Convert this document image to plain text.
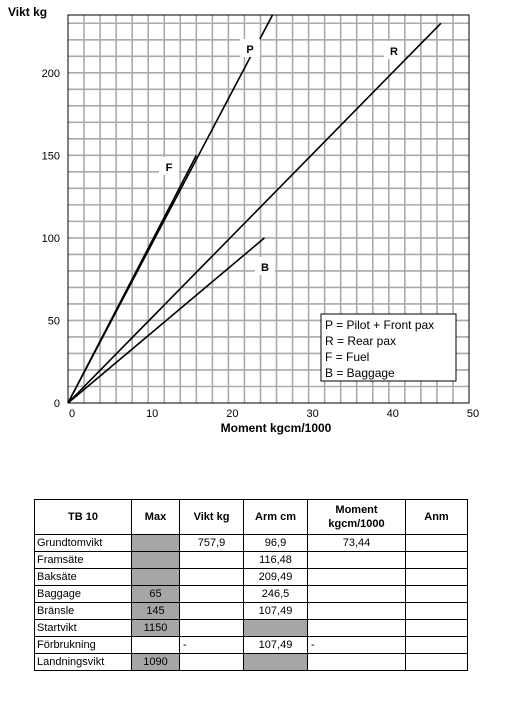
P
F
R
B
0	10	20	30	40	50
0
50
100
150
200
Vikt kg
Moment kgcm/1000
P = Pilot + Front pax
R = Rear pax
F = Fuel
B = Baggage
TB 10	Max	Vikt kg	Arm cm	Moment kgcm/1000	Anm
Grundtomvikt		757,9	96,9	73,44	
Framsäte			116,48		
Baksäte			209,49		
Baggage	65		246,5		
Bränsle	145		107,49		
Startvikt	1150				
Förbrukning		-	107,49	-	
Landningsvikt	1090				
